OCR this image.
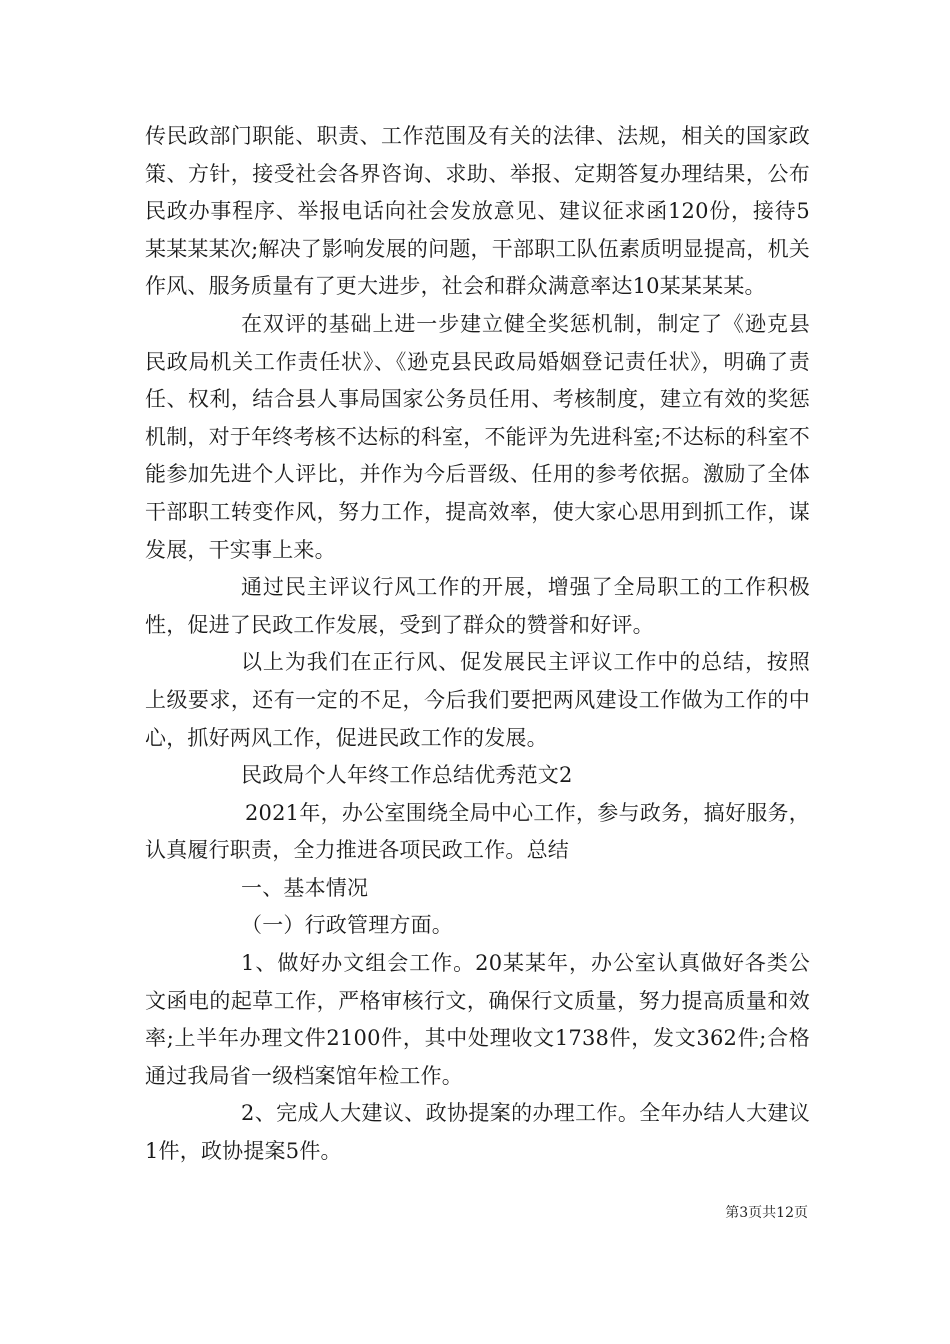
传民政部门职能、职责、工作范围及有关的法律、法规，相关的国家政策、方针，接受社会各界咨询、求助、举报、定期答复办理结果，公布民政办事程序、举报电话向社会发放意见、建议征求函120份，接待5某某某某次;解决了影响发展的问题，干部职工队伍素质明显提高，机关作风、服务质量有了更大进步，社会和群众满意率达10某某某某。

在双评的基础上进一步建立健全奖惩机制，制定了《逊克县民政局机关工作责任状》、《逊克县民政局婚姻登记责任状》，明确了责任、权利，结合县人事局国家公务员任用、考核制度，建立有效的奖惩机制，对于年终考核不达标的科室，不能评为先进科室;不达标的科室不能参加先进个人评比，并作为今后晋级、任用的参考依据。激励了全体干部职工转变作风，努力工作，提高效率，使大家心思用到抓工作，谋发展，干实事上来。

通过民主评议行风工作的开展，增强了全局职工的工作积极性，促进了民政工作发展，受到了群众的赞誉和好评。

以上为我们在正行风、促发展民主评议工作中的总结，按照上级要求，还有一定的不足，今后我们要把两风建设工作做为工作的中心，抓好两风工作，促进民政工作的发展。

民政局个人年终工作总结优秀范文2

2021年，办公室围绕全局中心工作，参与政务，搞好服务，认真履行职责，全力推进各项民政工作。总结

一、基本情况

（一）行政管理方面。

1、做好办文组会工作。20某某年，办公室认真做好各类公文函电的起草工作，严格审核行文，确保行文质量，努力提高质量和效率;上半年办理文件2100件，其中处理收文1738件，发文362件;合格通过我局省一级档案馆年检工作。

2、完成人大建议、政协提案的办理工作。全年办结人大建议1件，政协提案5件。

第3页共12页
